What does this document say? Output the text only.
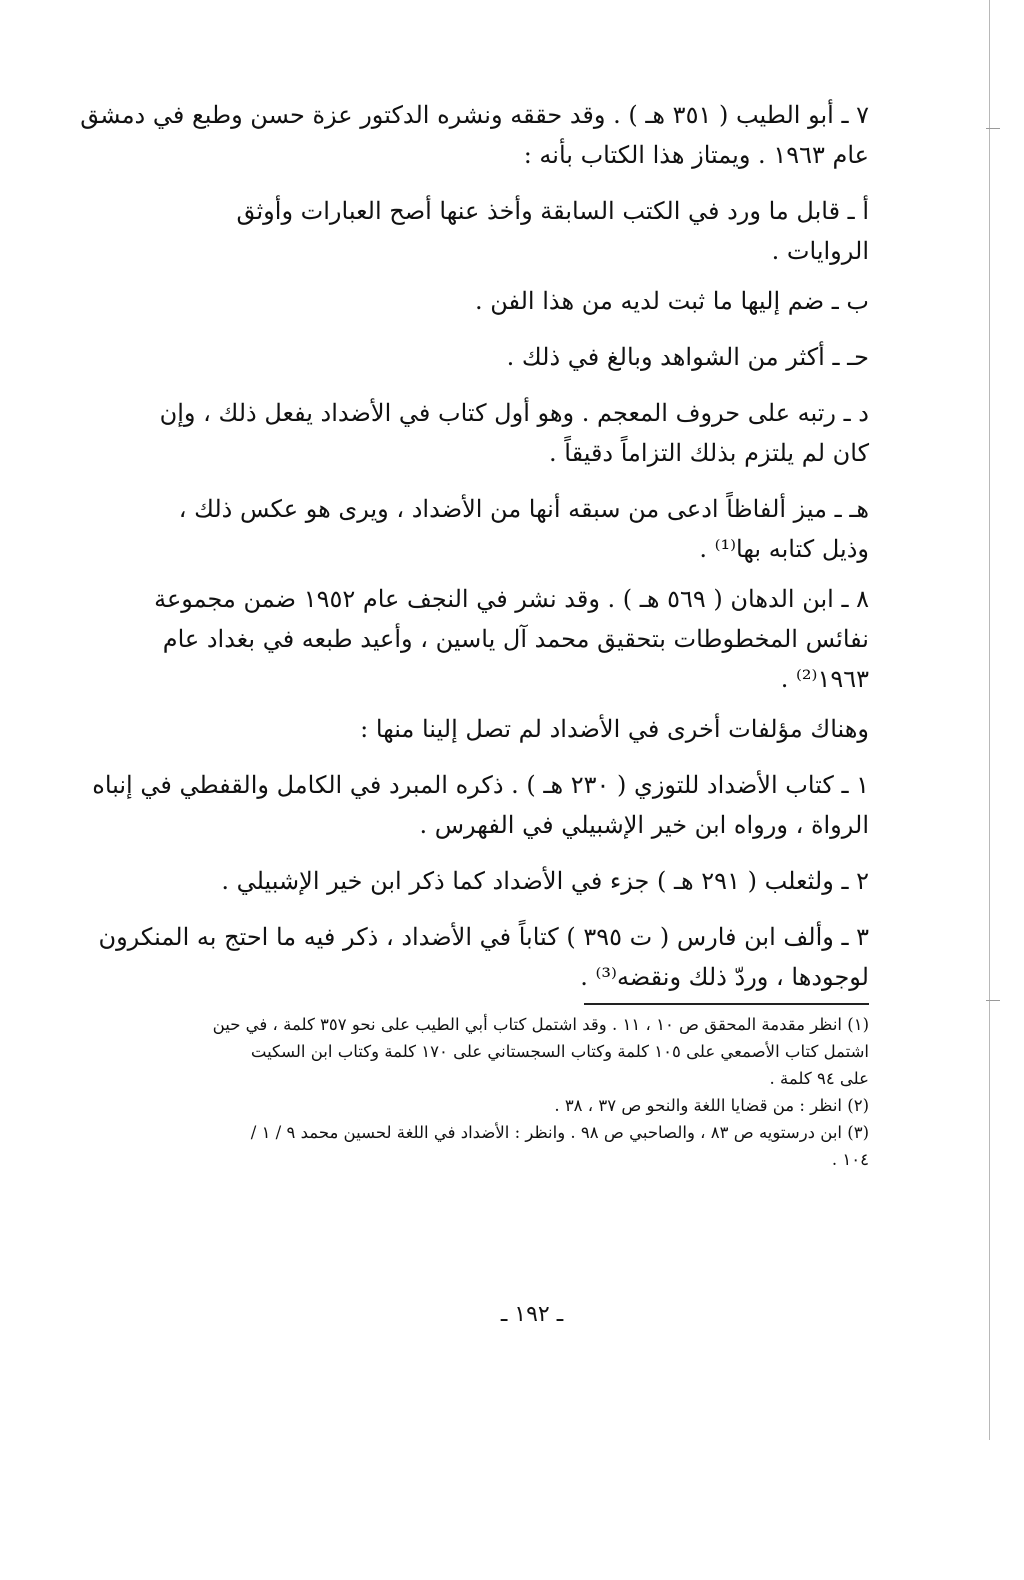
٧ ـ أبو الطيب ( ٣٥١ هـ ) . وقد حققه ونشره الدكتور عزة حسن وطبع في دمشق

عام ١٩٦٣ . ويمتاز هذا الكتاب بأنه :

أ ـ قابل ما ورد في الكتب السابقة وأخذ عنها أصح العبارات وأوثق

الروايات .

ب ـ ضم إليها ما ثبت لديه من هذا الفن .

حـ ـ أكثر من الشواهد وبالغ في ذلك .

د ـ رتبه على حروف المعجم . وهو أول كتاب في الأضداد يفعل ذلك ، وإن

كان لم يلتزم بذلك التزاماً دقيقاً .

هـ ـ ميز ألفاظاً ادعى من سبقه أنها من الأضداد ، ويرى هو عكس ذلك ،

وذيل كتابه بها⁽¹⁾ .

٨ ـ ابن الدهان ( ٥٦٩ هـ ) . وقد نشر في النجف عام ١٩٥٢ ضمن مجموعة

نفائس المخطوطات بتحقيق محمد آل ياسين ، وأعيد طبعه في بغداد عام

١٩٦٣⁽²⁾ .

وهناك مؤلفات أخرى في الأضداد لم تصل إلينا منها :

١ ـ كتاب الأضداد للتوزي ( ٢٣٠ هـ ) . ذكره المبرد في الكامل والقفطي في إنباه

الرواة ، ورواه ابن خير الإشبيلي في الفهرس .

٢ ـ ولثعلب ( ٢٩١ هـ ) جزء في الأضداد كما ذكر ابن خير الإشبيلي .

٣ ـ وألف ابن فارس ( ت ٣٩٥ ) كتاباً في الأضداد ، ذكر فيه ما احتج به المنكرون

لوجودها ، وردّ ذلك ونقضه⁽³⁾ .

(١) انظر مقدمة المحقق ص ١٠ ، ١١ . وقد اشتمل كتاب أبي الطيب على نحو ٣٥٧ كلمة ، في حين

اشتمل كتاب الأصمعي على ١٠٥ كلمة وكتاب السجستاني على ١٧٠ كلمة وكتاب ابن السكيت

على ٩٤ كلمة .

(٢) انظر : من قضايا اللغة والنحو ص ٣٧ ، ٣٨ .

(٣) ابن درستويه ص ٨٣ ، والصاحبي ص ٩٨ . وانظر : الأضداد في اللغة لحسين محمد ٩ / ١ /

١٠٤ .

ـ ١٩٢ ـ
